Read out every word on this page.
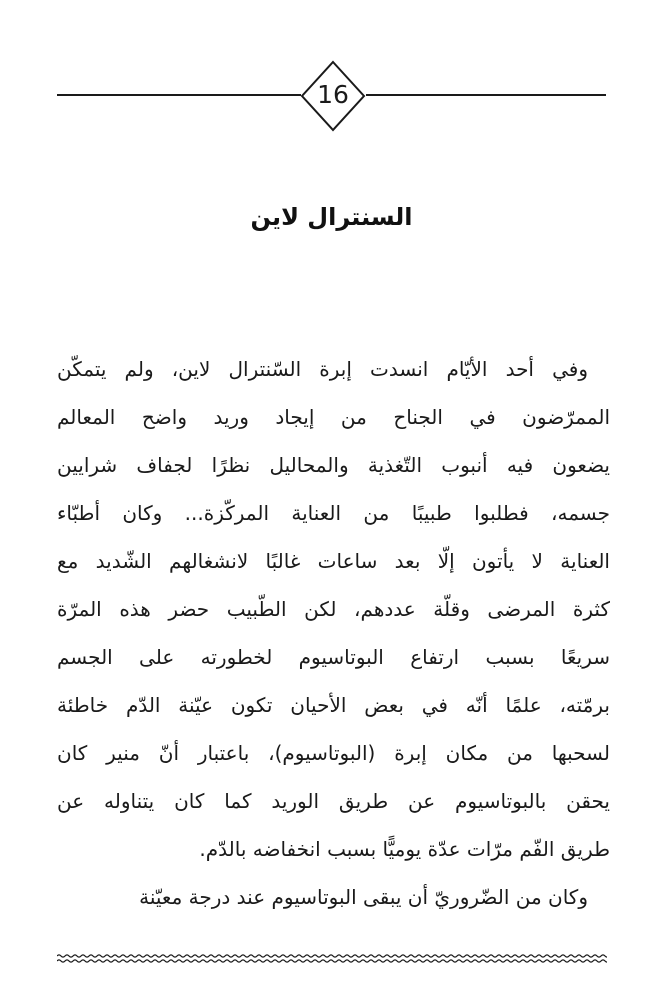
16
السنترال لاين
وفي أحد الأيّام انسدت إبرة السّنترال لاين، ولم يتمكّن
الممرّضون في الجناح من إيجاد وريد واضح المعالم
يضعون فيه أنبوب التّغذية والمحاليل نظرًا لجفاف شرايين
جسمه، فطلبوا طبيبًا من العناية المركّزة... وكان أطبّاء
العناية لا يأتون إلّا بعد ساعات غالبًا لانشغالهم الشّديد مع
كثرة المرضى وقلّة عددهم، لكن الطّبيب حضر هذه المرّة
سريعًا بسبب ارتفاع البوتاسيوم لخطورته على الجسم
برمّته، علمًا أنّه في بعض الأحيان تكون عيّنة الدّم خاطئة
لسحبها من مكان إبرة (البوتاسيوم)، باعتبار أنّ منير كان
يحقن بالبوتاسيوم عن طريق الوريد كما كان يتناوله عن
طريق الفّم مرّات عدّة يوميًّا بسبب انخفاضه بالدّم.
وكان من الضّروريّ أن يبقى البوتاسيوم عند درجة معيّنة
